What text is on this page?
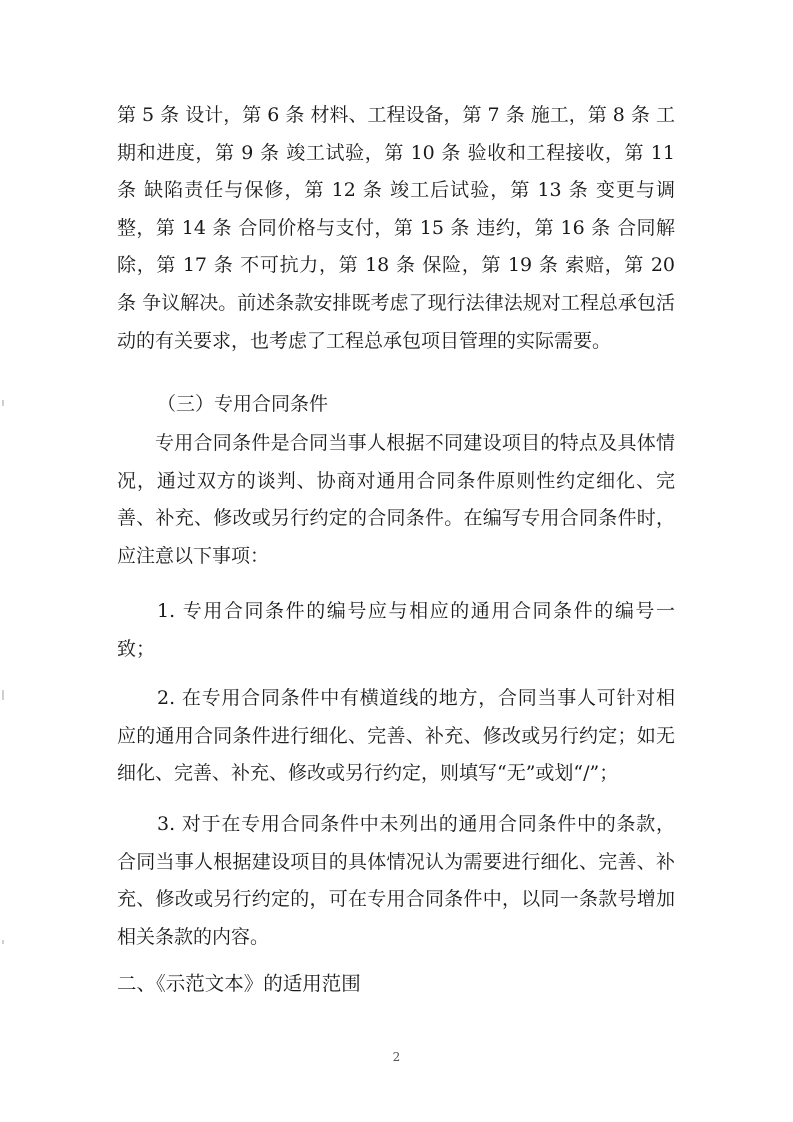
第 5 条 设计，第 6 条 材料、工程设备，第 7 条 施工，第 8 条 工期和进度，第 9 条 竣工试验，第 10 条 验收和工程接收，第 11 条 缺陷责任与保修，第 12 条 竣工后试验，第 13 条 变更与调整，第 14 条 合同价格与支付，第 15 条 违约，第 16 条 合同解除，第 17 条 不可抗力，第 18 条 保险，第 19 条 索赔，第 20 条 争议解决。前述条款安排既考虑了现行法律法规对工程总承包活动的有关要求，也考虑了工程总承包项目管理的实际需要。

（三）专用合同条件

专用合同条件是合同当事人根据不同建设项目的特点及具体情况，通过双方的谈判、协商对通用合同条件原则性约定细化、完善、补充、修改或另行约定的合同条件。在编写专用合同条件时，应注意以下事项：

1. 专用合同条件的编号应与相应的通用合同条件的编号一致；

2. 在专用合同条件中有横道线的地方，合同当事人可针对相应的通用合同条件进行细化、完善、补充、修改或另行约定；如无细化、完善、补充、修改或另行约定，则填写“无”或划“/”；

3. 对于在专用合同条件中未列出的通用合同条件中的条款，合同当事人根据建设项目的具体情况认为需要进行细化、完善、补充、修改或另行约定的，可在专用合同条件中，以同一条款号增加相关条款的内容。

二、《示范文本》的适用范围
2
